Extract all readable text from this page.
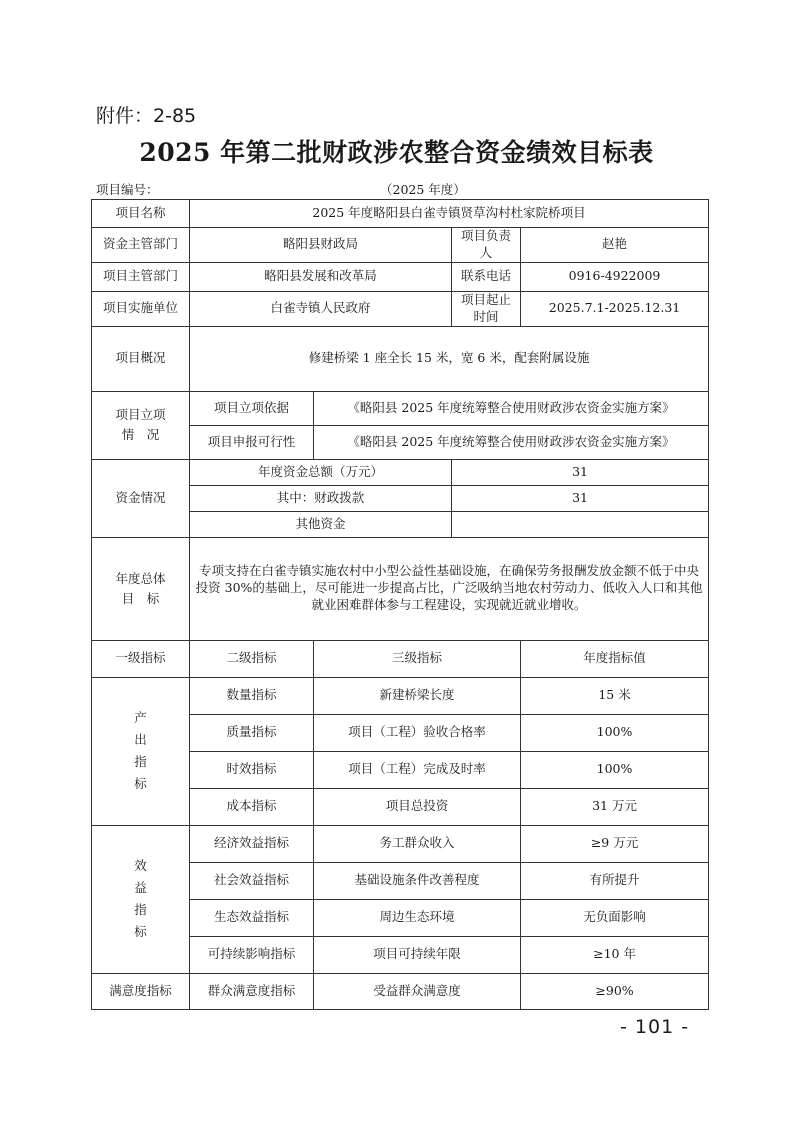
附件：2-85
2025 年第二批财政涉农整合资金绩效目标表
项目编号：	（2025 年度）
项目名称	2025 年度略阳县白雀寺镇贤草沟村杜家院桥项目			
资金主管部门	略阳县财政局		项目负责人	赵艳
项目主管部门	略阳县发展和改革局		联系电话	0916-4922009
项目实施单位	白雀寺镇人民政府		项目起止时间	2025.7.1-2025.12.31
项目概况	修建桥梁 1 座全长 15 米，宽 6 米，配套附属设施			
项目立项 情　况	项目立项依据	《略阳县 2025 年度统筹整合使用财政涉农资金实施方案》		
	项目申报可行性	《略阳县 2025 年度统筹整合使用财政涉农资金实施方案》		
资金情况	年度资金总额（万元）		31	
	其中：财政拨款		31	
	其他资金			
年度总体 目　标	专项支持在白雀寺镇实施农村中小型公益性基础设施，在确保劳务报酬发放金额不低于中央投资 30%的基础上，尽可能进一步提高占比，广泛吸纳当地农村劳动力、低收入人口和其他就业困难群体参与工程建设，实现就近就业增收。			
一级指标	二级指标	三级指标		年度指标值
产 出 指 标	数量指标	新建桥梁长度		15 米
	质量指标	项目（工程）验收合格率		100%
	时效指标	项目（工程）完成及时率		100%
	成本指标	项目总投资		31 万元
效 益 指 标	经济效益指标	务工群众收入		≥9 万元
	社会效益指标	基础设施条件改善程度		有所提升
	生态效益指标	周边生态环境		无负面影响
	可持续影响指标	项目可持续年限		≥10 年
满意度指标	群众满意度指标	受益群众满意度		≥90%
- 101 -
